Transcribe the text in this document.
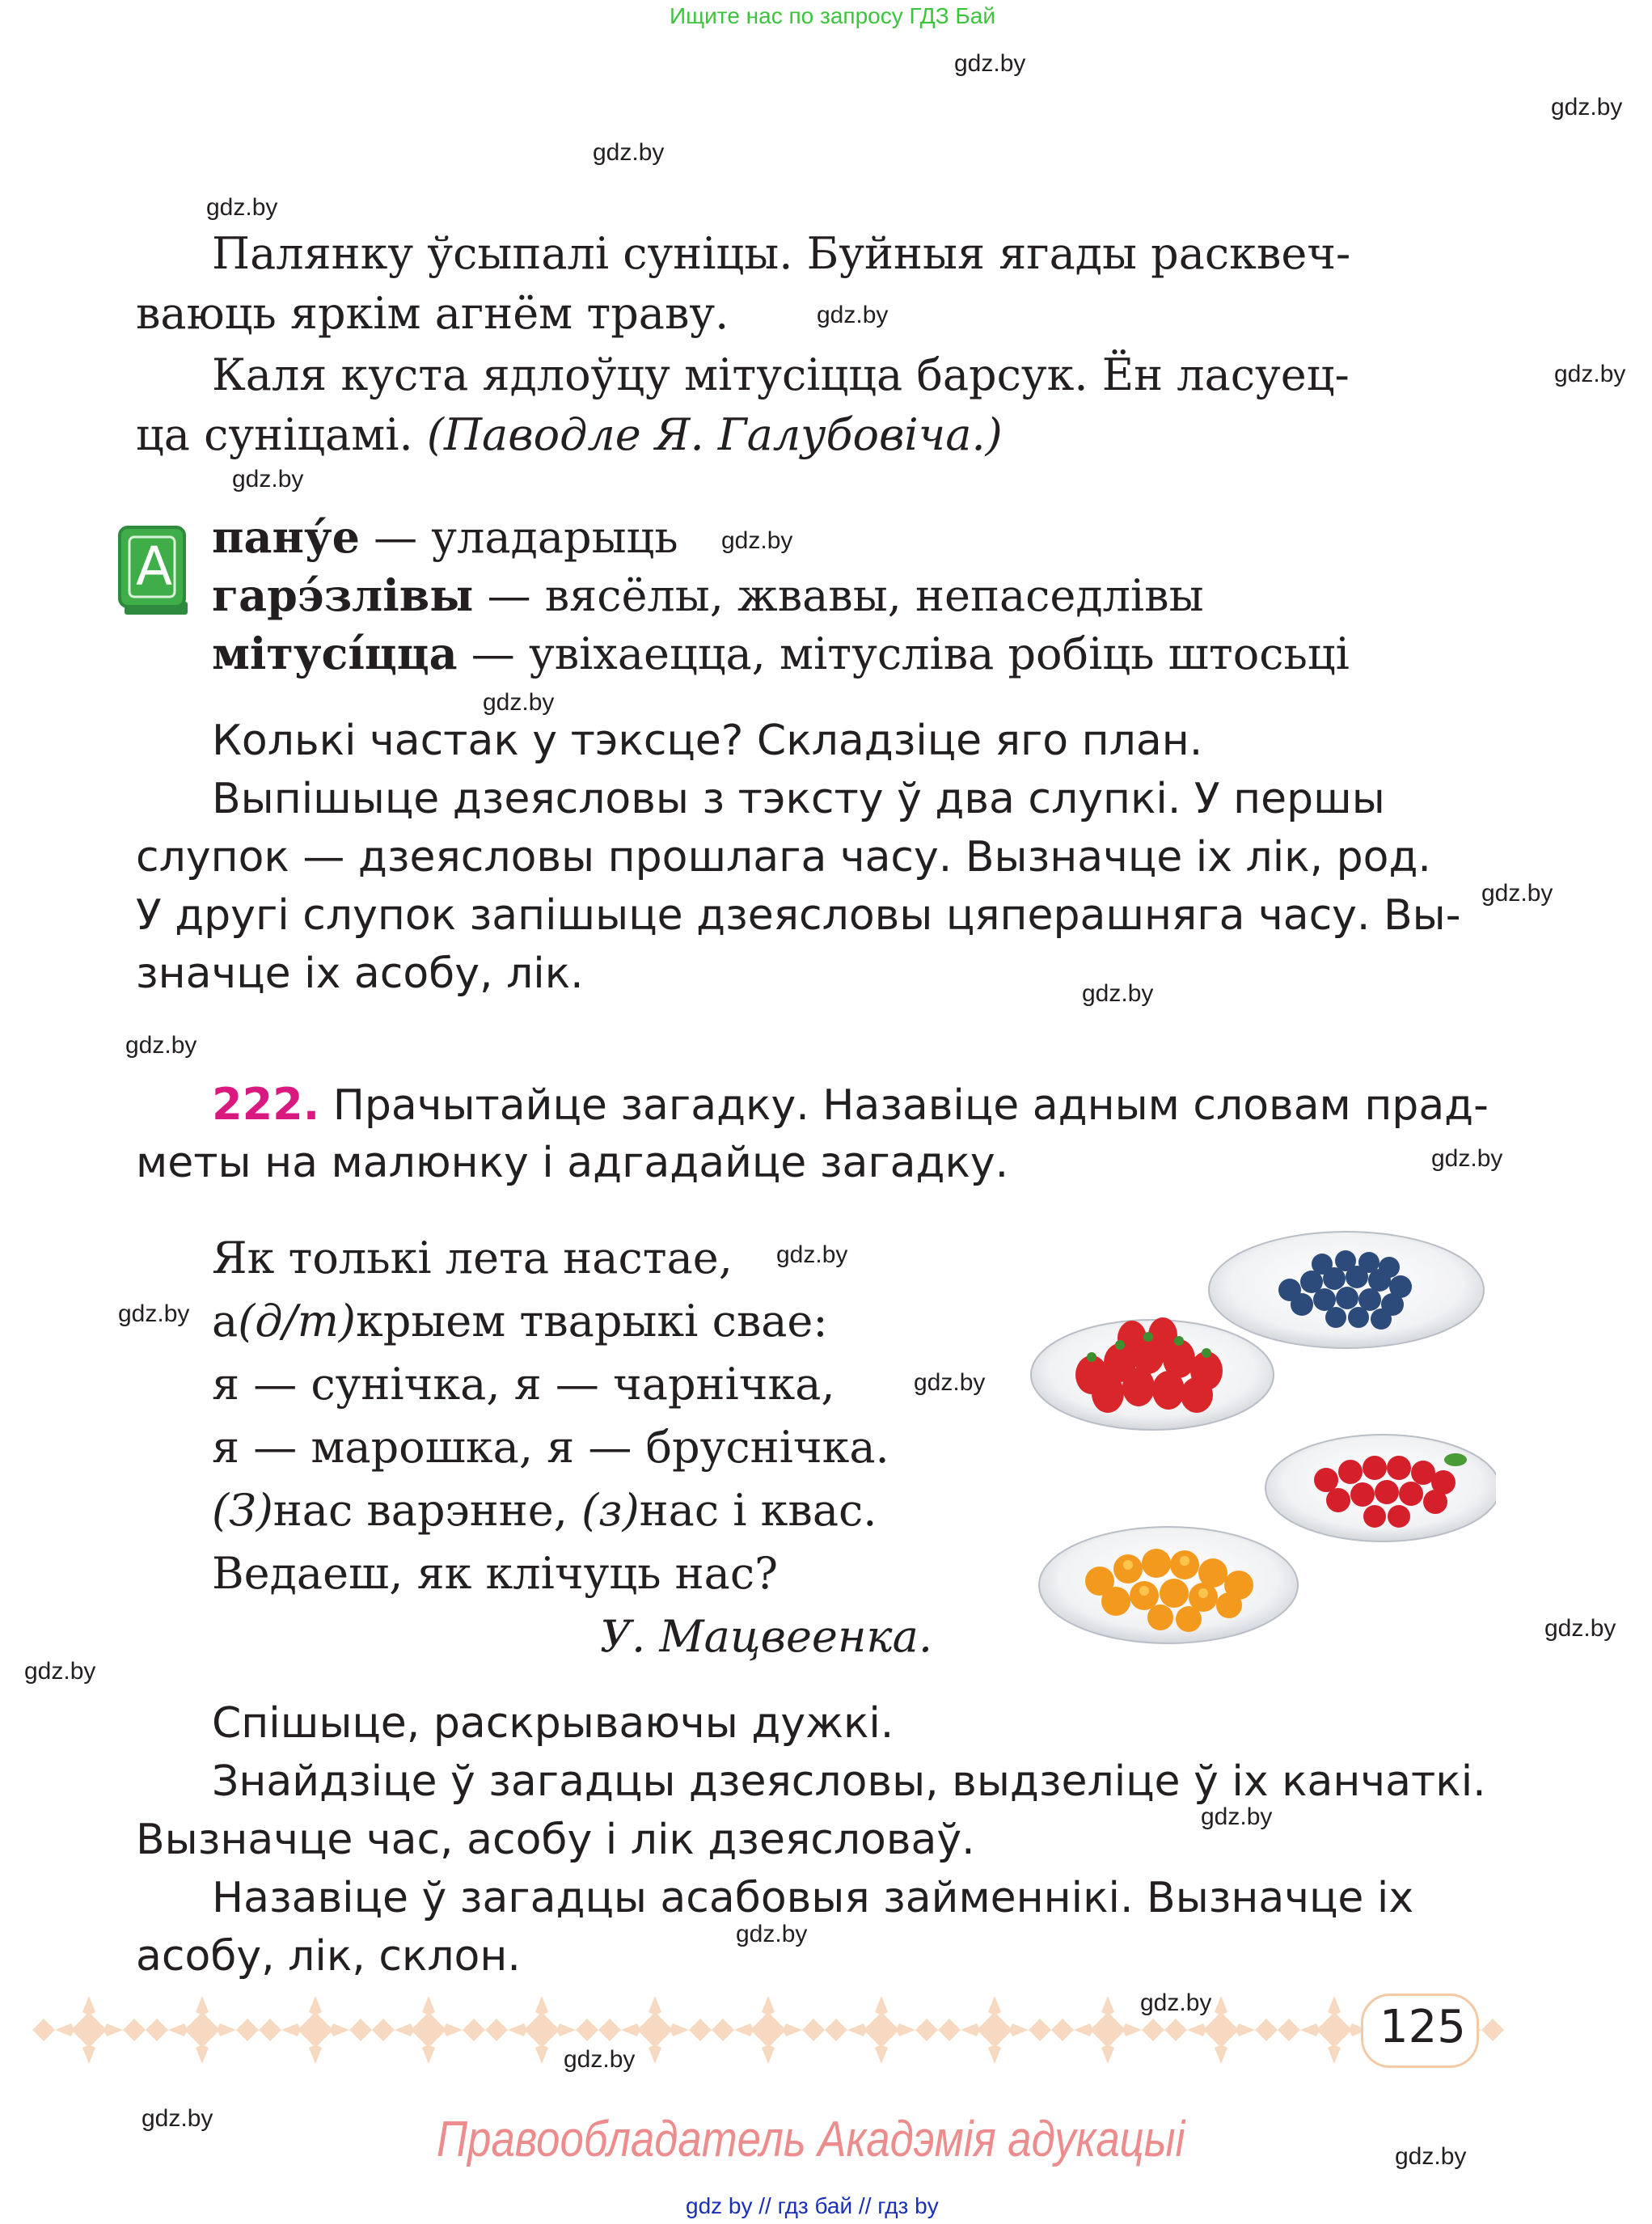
Ищите нас по запросу ГДЗ Бай
gdz.by
gdz.by
gdz.by
gdz.by
gdz.by
gdz.by
gdz.by
gdz.by
gdz.by
gdz.by
gdz.by
gdz.by
gdz.by
gdz.by
gdz.by
gdz.by
gdz.by
gdz.by
gdz.by
gdz.by
gdz.by
gdz.by
gdz.by
gdz.by
Палянку ўсыпалі суніцы. Буйныя ягады расквеч-
ваюць яркім агнём траву.
Каля куста ядлоўцу мітусіцца барсук. Ён ласуец-
ца суніцамі. (Паводле Я. Галубовіча.)
А пану́е — уладарыць
гарэ́злівы — вясёлы, жвавы, непаседлівы
мітусі́цца — увіхаецца, мітусліва робіць штосьці
Колькі частак у тэксце? Складзіце яго план.
Выпішыце дзеясловы з тэксту ў два слупкі. У першы
слупок — дзеясловы прошлага часу. Вызначце іх лік, род.
У другі слупок запішыце дзеясловы цяперашняга часу. Вы-
значце іх асобу, лік.
222. Прачытайце загадку. Назавіце адным словам прад-
меты на малюнку і адгадайце загадку.
Як толькі лета настае,
а(д/т)крыем тварыкі свае:
я — сунічка, я — чарнічка,
я — марошка, я — бруснічка.
(З)нас варэнне, (з)нас і квас.
Ведаеш, як клічуць нас?
У. Мацвеенка.
Спішыце, раскрываючы дужкі.
Знайдзіце ў загадцы дзеясловы, выдзеліце ў іх канчаткі.
Вызначце час, асобу і лік дзеясловаў.
Назавіце ў загадцы асабовыя займеннікі. Вызначце іх
асобу, лік, склон.
125
Правообладатель Акадэмія адукацыі
gdz by // гдз бай // гдз by
